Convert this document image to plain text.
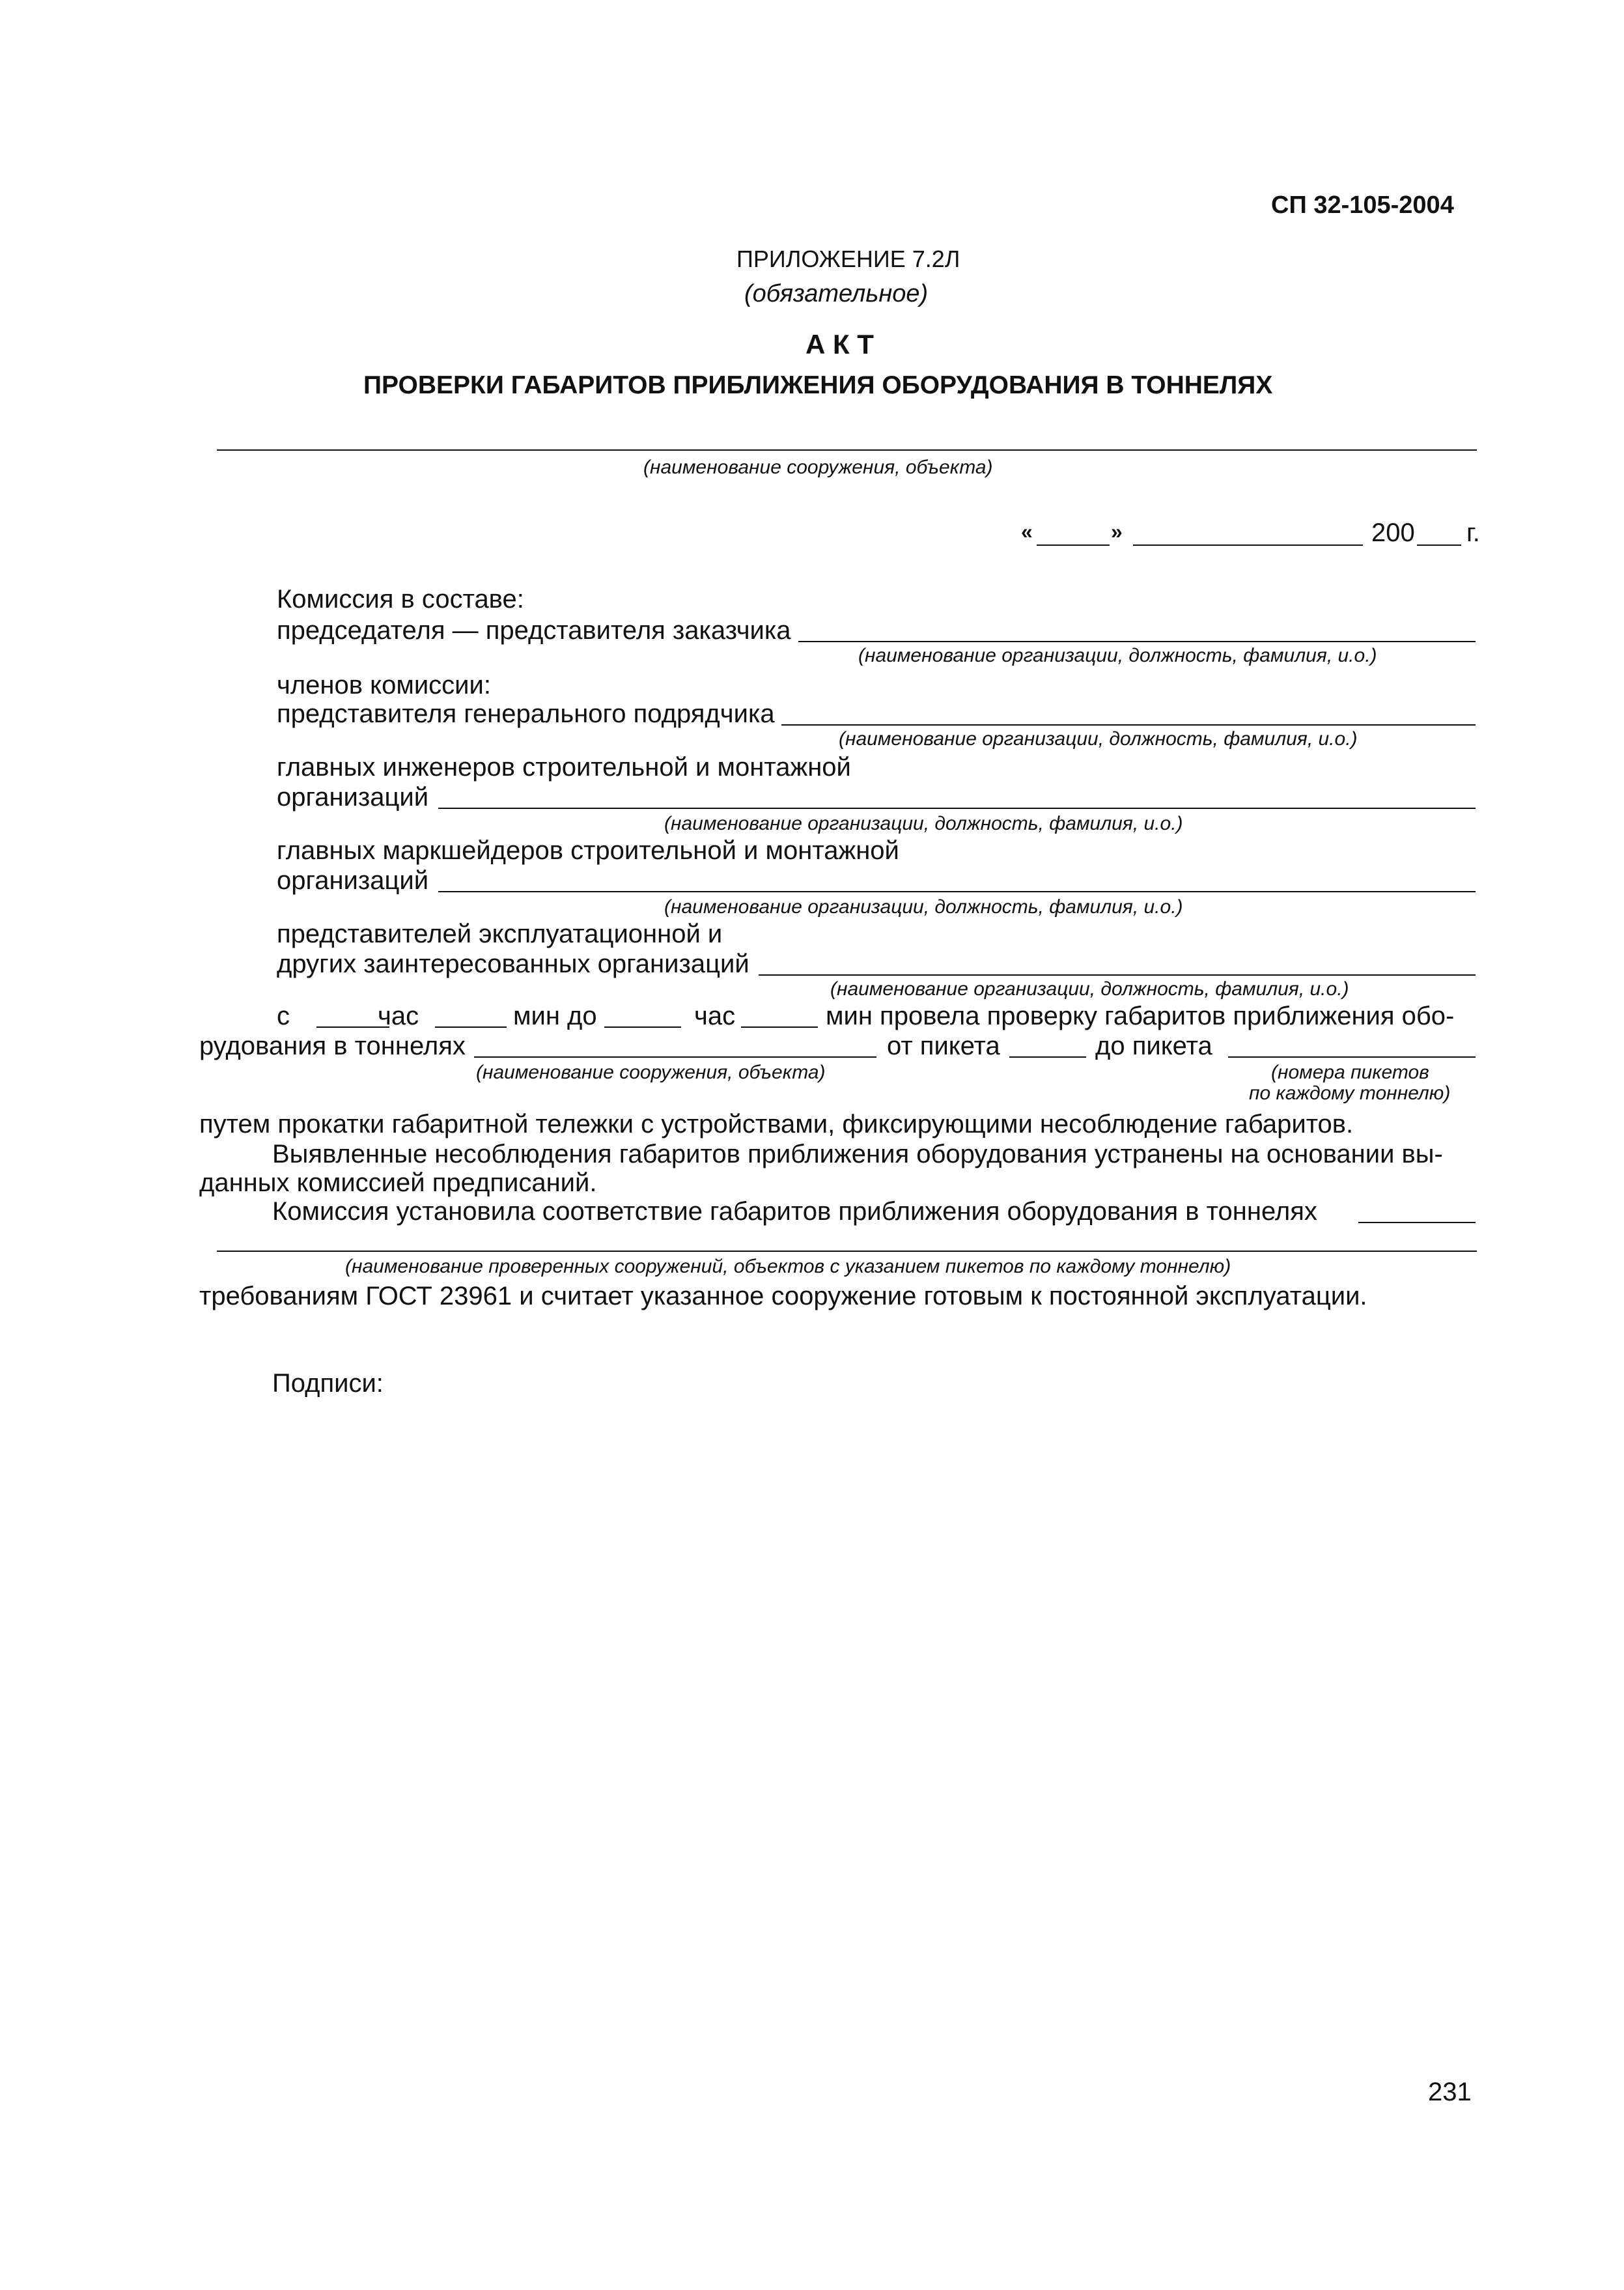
СП 32-105-2004
ПРИЛОЖЕНИЕ 7.2Л
(обязательное)
А К Т
ПРОВЕРКИ ГАБАРИТОВ ПРИБЛИЖЕНИЯ ОБОРУДОВАНИЯ В ТОННЕЛЯХ
(наименование сооружения, объекта)
«	»	200 г.
Комиссия в составе:
председателя — представителя заказчика
(наименование организации, должность, фамилия, и.о.)
членов комиссии:
представителя генерального подрядчика
(наименование организации, должность, фамилия, и.о.)
главных инженеров строительной и монтажной
организаций
(наименование организации, должность, фамилия, и.о.)
главных маркшейдеров строительной и монтажной
организаций
(наименование организации, должность, фамилия, и.о.)
представителей эксплуатационной и
других заинтересованных организаций
(наименование организации, должность, фамилия, и.о.)
с	час	мин до	час	мин провела проверку габаритов приближения обо-
рудования в тоннелях	от пикета	до пикета
(наименование сооружения, объекта)	(номера пикетов
по каждому тоннелю)
путем прокатки габаритной тележки с устройствами, фиксирующими несоблюдение габаритов.
Выявленные несоблюдения габаритов приближения оборудования устранены на основании вы-
данных комиссией предписаний.
Комиссия установила соответствие габаритов приближения оборудования в тоннелях
(наименование проверенных сооружений, объектов с указанием пикетов по каждому тоннелю)
требованиям ГОСТ 23961 и считает указанное сооружение готовым к постоянной эксплуатации.
Подписи:
231
